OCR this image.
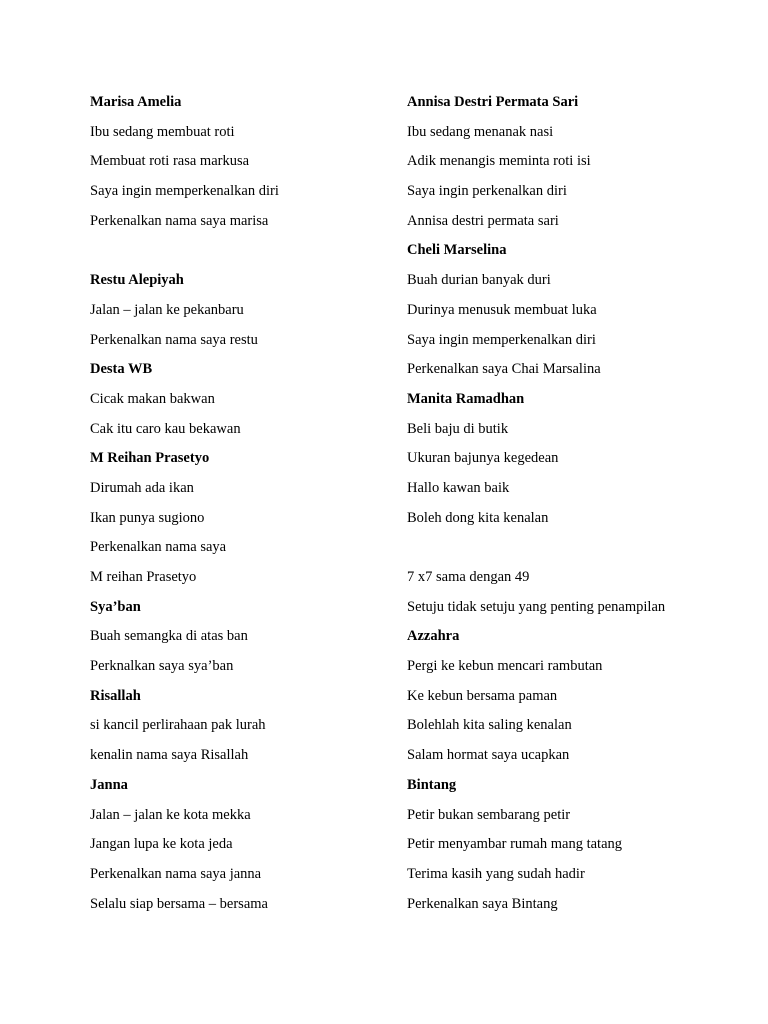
Marisa Amelia
Ibu sedang membuat roti
Membuat roti rasa markusa
Saya ingin memperkenalkan diri
Perkenalkan nama saya marisa
Restu Alepiyah
Jalan – jalan ke pekanbaru
Perkenalkan nama saya restu
Desta WB
Cicak makan bakwan
Cak itu caro kau bekawan
M Reihan Prasetyo
Dirumah ada ikan
Ikan punya sugiono
Perkenalkan nama saya
M reihan Prasetyo
Sya’ban
Buah semangka di atas ban
Perknalkan saya sya’ban
Risallah
si kancil perlirahaan pak lurah
kenalin nama saya Risallah
Janna
Jalan – jalan ke kota mekka
Jangan lupa ke kota jeda
Perkenalkan nama saya janna
Selalu siap bersama – bersama
Annisa Destri Permata Sari
Ibu sedang menanak nasi
Adik menangis meminta roti isi
Saya ingin perkenalkan diri
Annisa destri permata sari
Cheli Marselina
Buah durian banyak duri
Durinya menusuk membuat luka
Saya ingin memperkenalkan diri
Perkenalkan saya Chai Marsalina
Manita Ramadhan
Beli baju di butik
Ukuran bajunya kegedean
Hallo kawan baik
Boleh dong kita kenalan
7 x7 sama dengan 49
Setuju tidak setuju yang penting penampilan
Azzahra
Pergi ke kebun mencari rambutan
Ke kebun bersama paman
Bolehlah kita saling kenalan
Salam hormat saya ucapkan
Bintang
Petir bukan sembarang petir
Petir menyambar rumah mang tatang
Terima kasih yang sudah hadir
Perkenalkan saya Bintang
